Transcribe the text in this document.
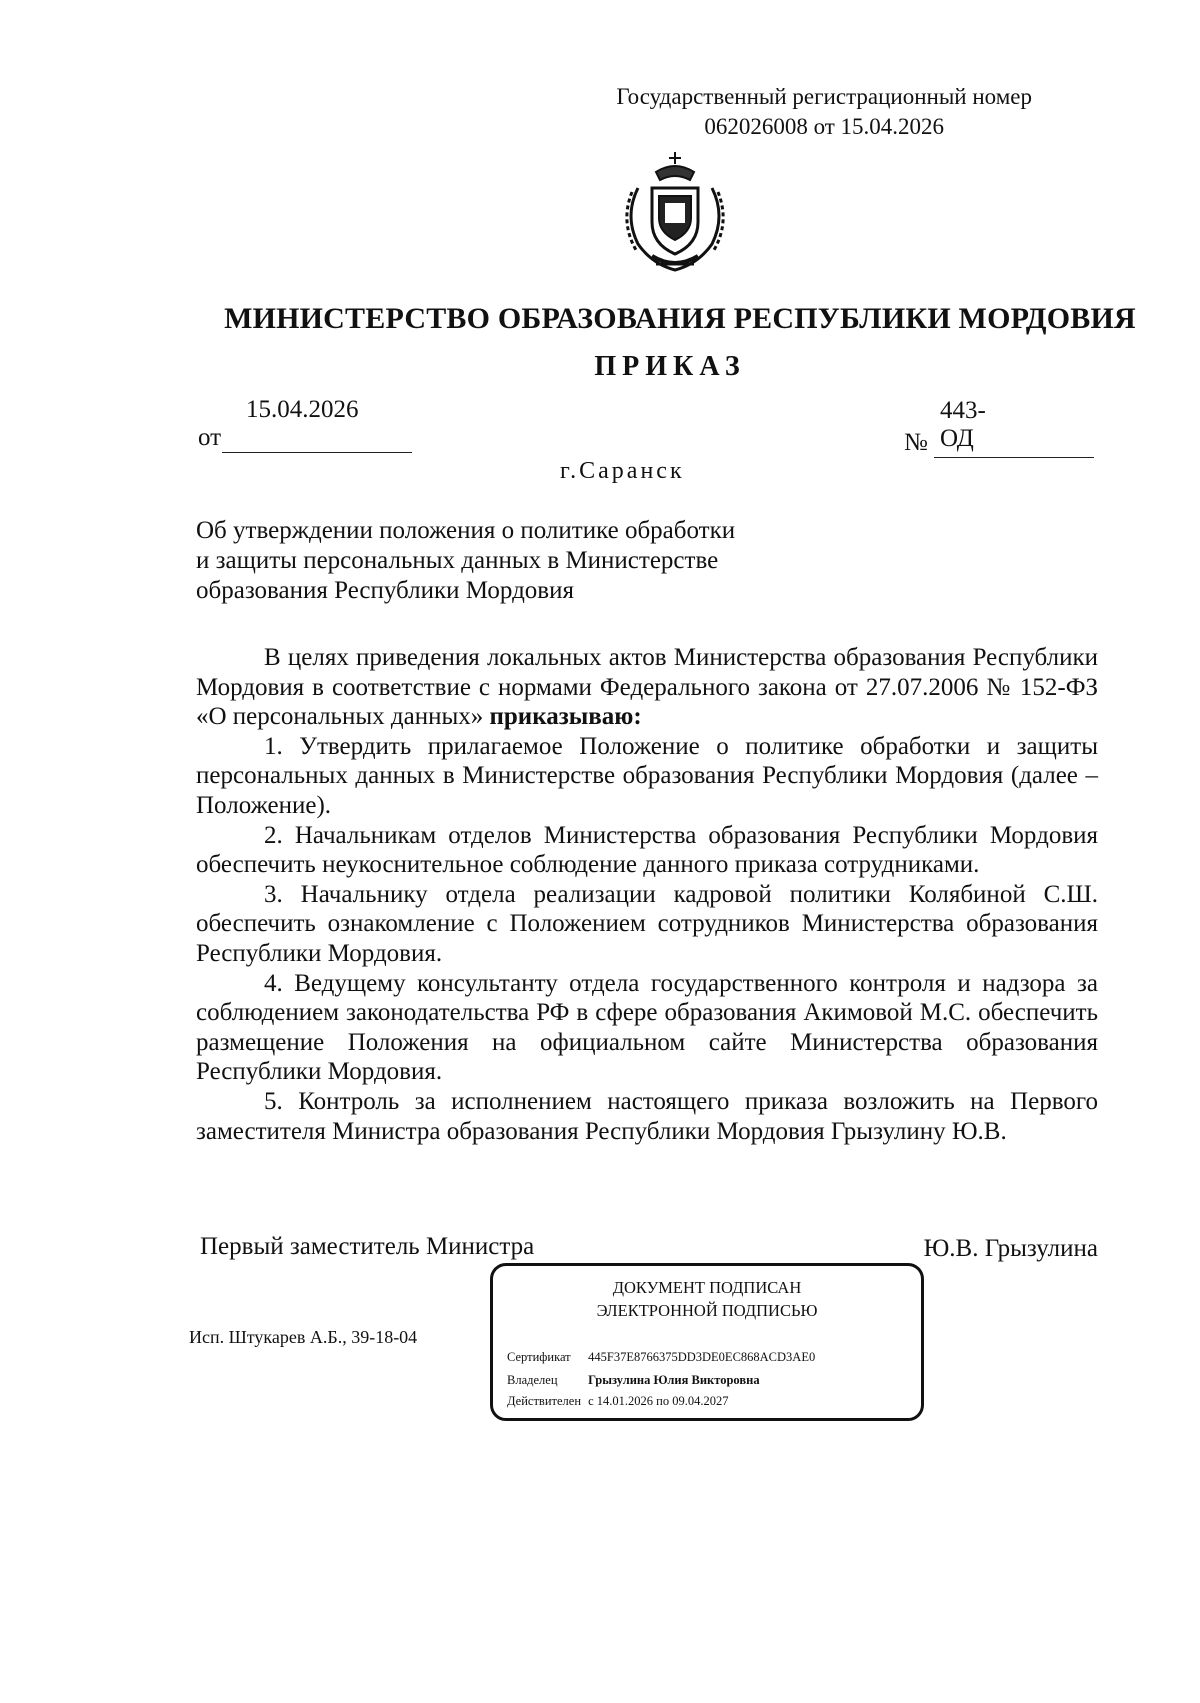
Государственный регистрационный номер
062026008 от 15.04.2026
МИНИСТЕРСТВО ОБРАЗОВАНИЯ РЕСПУБЛИКИ МОРДОВИЯ
ПРИКАЗ
от
15.04.2026
г.Саранск
№
443-ОД
Об утверждении положения о политике обработки
и защиты персональных данных в Министерстве
образования Республики Мордовия

В целях приведения локальных актов Министерства образования Республики Мордовия в соответствие с нормами Федерального закона от 27.07.2006 № 152-ФЗ «О персональных данных» приказываю:

1. Утвердить прилагаемое Положение о политике обработки и защиты персональных данных в Министерстве образования Республики Мордовия (далее – Положение).

2. Начальникам отделов Министерства образования Республики Мордовия обеспечить неукоснительное соблюдение данного приказа сотрудниками.

3. Начальнику отдела реализации кадровой политики Колябиной С.Ш. обеспечить ознакомление с Положением сотрудников Министерства образования Республики Мордовия.

4. Ведущему консультанту отдела государственного контроля и надзора за соблюдением законодательства РФ в сфере образования Акимовой М.С. обеспечить размещение Положения на официальном сайте Министерства образования Республики Мордовия.

5. Контроль за исполнением настоящего приказа возложить на Первого заместителя Министра образования Республики Мордовия Грызулину Ю.В.

Первый заместитель Министра	Ю.В. Грызулина
Исп. Штукарев А.Б., 39-18-04
ДОКУМЕНТ ПОДПИСАН
ЭЛЕКТРОННОЙ ПОДПИСЬЮ
Сертификат 445F37E8766375DD3DE0EC868ACD3AE0
Владелец Грызулина Юлия Викторовна
Действителен с 14.01.2026 по 09.04.2027
